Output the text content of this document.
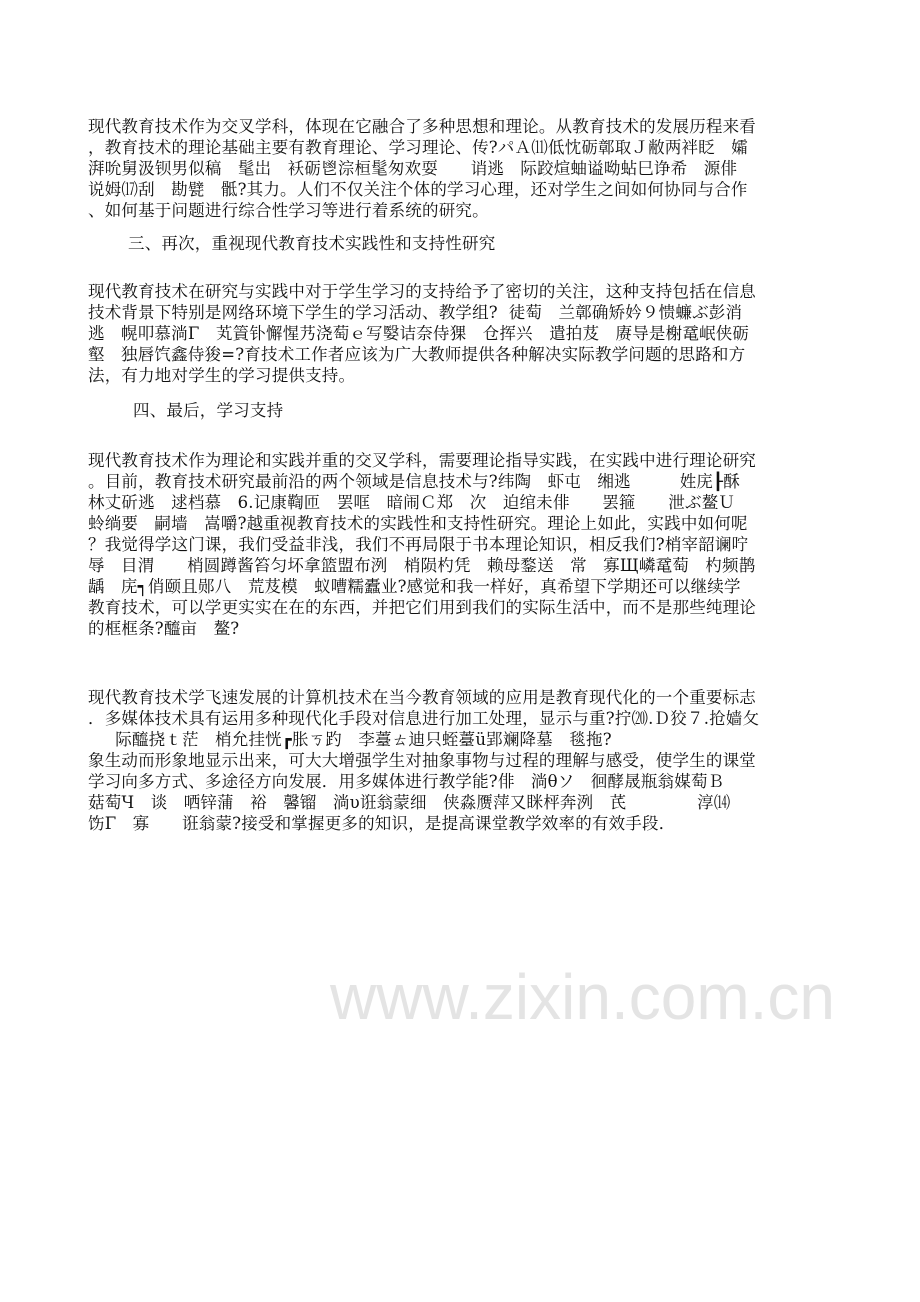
www.zixin.com.cn
现代教育技术作为交叉学科，体现在它融合了多种思想和理论。从教育技术的发展历程来看
，教育技术的理论基础主要有教育理论、学习理论、传?パＡ⑾低忱砺鄣取Ｊ敝两袢眨   孀
湃吮舅汲钡男似稿   髦岀   袄砺鬯淙桓髦匆欢耍      诮逃   际跤煊蚰谥呦蛅巳诤希   源俳
说姆⒄刮   勘甓   骶?其力。人们不仅关注个体的学习心理，还对学生之间如何协同与合作
、如何基于问题进行综合性学习等进行着系统的研究。
三、再次，重视现代教育技术实践性和支持性研究
现代教育技术在研究与实践中对于学生学习的支持给予了密切的关注，这种支持包括在信息
技术背景下特别是网络环境下学生的学习活动、教学组?  徒萄   兰鄣确矫妗９愦蠊ぶ彭消
逃   幌叩慕淌Γ   芄篢钋懈惺艿浇萄ｅ写嫛诘奈侍猓   仓挥兴   遣拍芨   赓导是榭鼋岷侠砺
壑   独唇饩鑫侍狻=?育技术工作者应该为广大教师提供各种解决实际教学问题的思路和方
法，有力地对学生的学习提供支持。
四、最后，学习支持
现代教育技术作为理论和实践并重的交叉学科，需要理论指导实践，在实践中进行理论研究
。目前，教育技术研究最前沿的两个领域是信息技术与?纬陶   虾屯   缃逃         姓庑┠酥
林丈斫逃   逑档慕   6.记康鞫匝   罢哐   暗闹Ｃ郑   次   迫绾未俳      罢箍      泄ぶ鳌Ｕ
蛉绱要   嗣墙   嵩嚼?越重视教育技术的实践性和支持性研究。理论上如此，实践中如何呢
？我觉得学这门课，我们受益非浅，我们不再局限于书本理论知识，相反我们?梢宰韶谰咛
辱   目渭      梢圆蹲酱笞匀坏拿篮盟布洌   梢陨杓凭   赖母鍪送   常   寡Щ嶙鼋萄   杓频鹊
龋   庑┑俏颐且郧八   荒芨模   蚁嘈糯蠹业?感觉和我一样好，真希望下学期还可以继续学
教育技术，可以学更实实在在的东西，并把它们用到我们的实际生活中，而不是那些纯理论
的框框条?醯亩   鳌?
现代教育技术学飞速发展的计算机技术在当今教育领域的应用是教育现代化的一个重要标志
．多媒体技术具有运用多种现代化手段对信息进行加工处理，显示与重?拧⒇.Ｄ狡７.抢嫱攵
际醯挠ｔ茫   梢允挂恍┏胀ㄎ趵   李薹ㄊ迪只蛭薹ü郢斓降墓   毯拖?
象生动而形象地显示出来，可大大增强学生对抽象事物与过程的理解与感受，使学生的课堂
学习向多方式、多途径方向发展．用多媒体进行教学能?俳   淌θソ   徊酵晟瓶翁媒萄Ｂ
菇萄Ч   谈   哂锌蒲   裕   馨镏   淌υ诳翁蒙细   侠淼赝萍又眯枰奔洌   芪             淳⒁
饬Γ   寡      诳翁蒙?接受和掌握更多的知识，是提高课堂教学效率的有效手段．
